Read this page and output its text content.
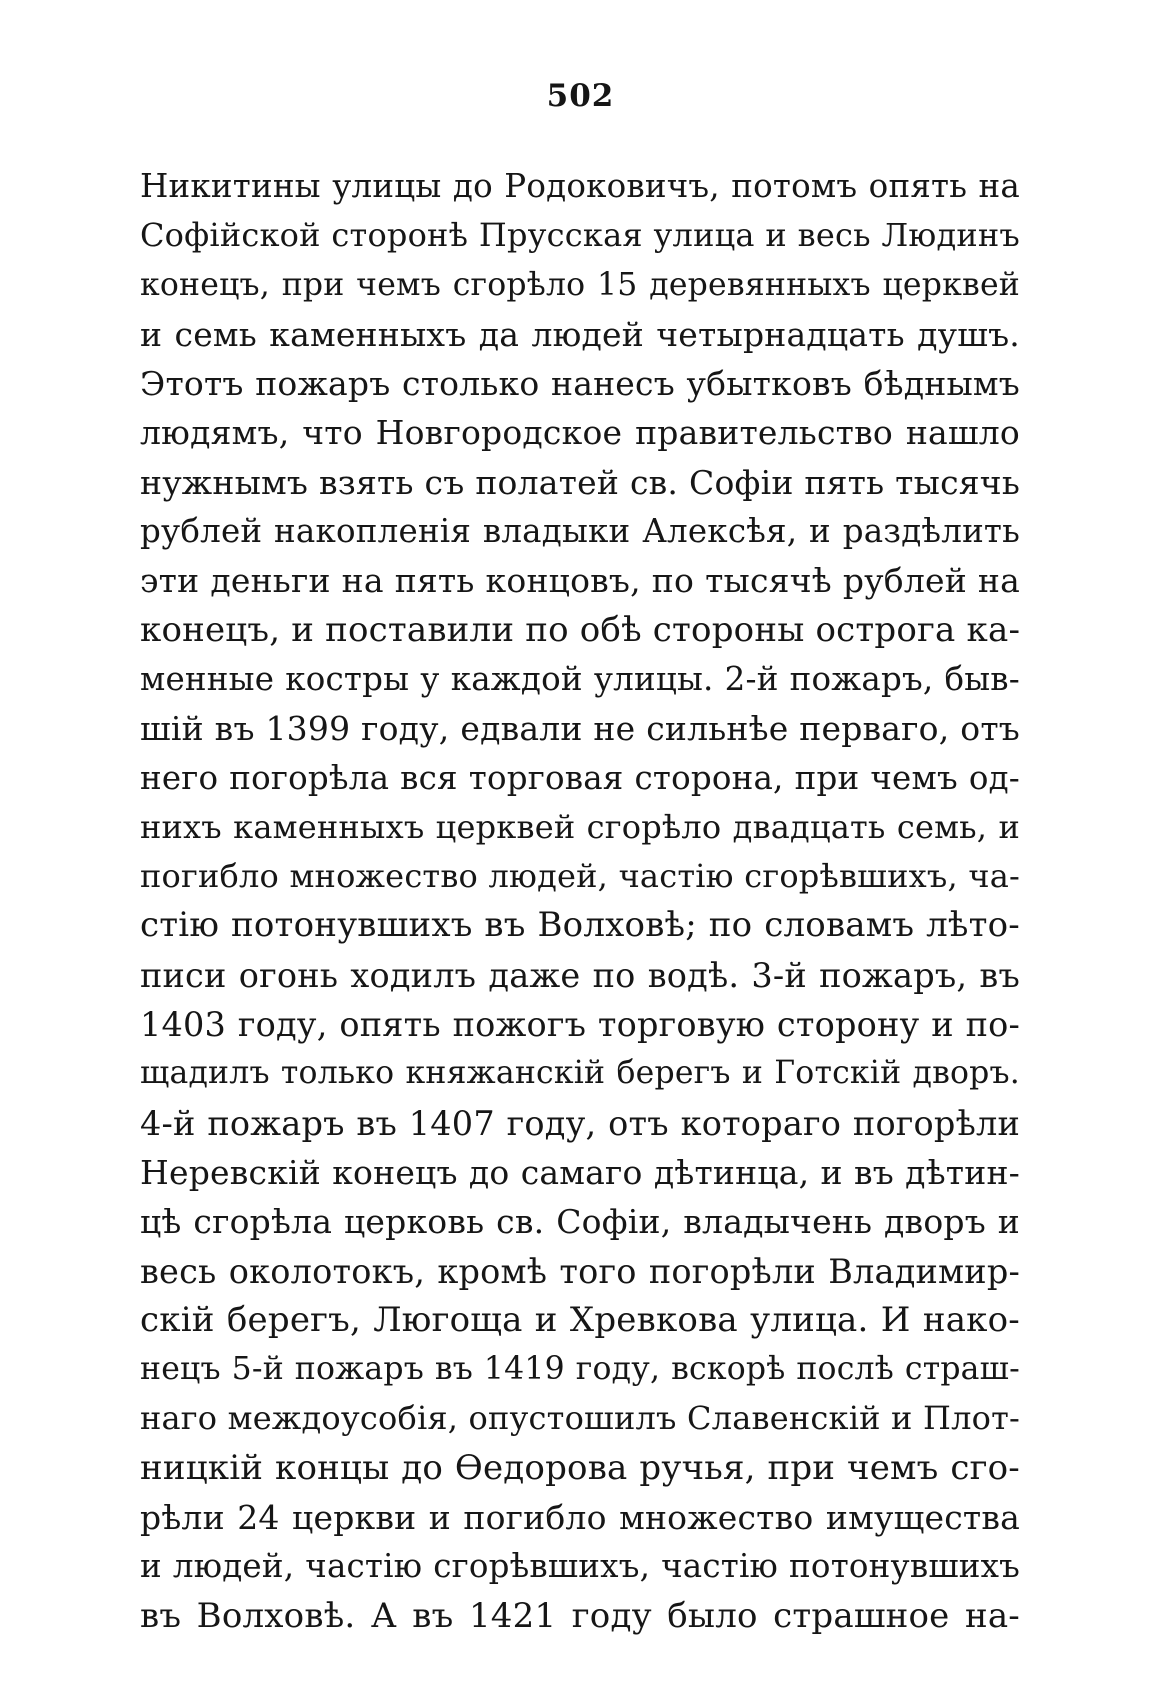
502
Никитины улицы до Родоковичъ, потомъ опять на
Софійской сторонѣ Прусская улица и весь Людинъ
конецъ, при чемъ сгорѣло 15 деревянныхъ церквей
и семь каменныхъ да людей четырнадцать душъ.
Этотъ пожаръ столько нанесъ убытковъ бѣднымъ
людямъ, что Новгородское правительство нашло
нужнымъ взять съ полатей св. Софіи пять тысячь
рублей накопленія владыки Алексѣя, и раздѣлить
эти деньги на пять концовъ, по тысячѣ рублей на
конецъ, и поставили по обѣ стороны острога ка-
менные костры у каждой улицы. 2-й пожаръ, быв-
шій въ 1399 году, едвали не сильнѣе перваго, отъ
него погорѣла вся торговая сторона, при чемъ од-
нихъ каменныхъ церквей сгорѣло двадцать семь, и
погибло множество людей, частію сгорѣвшихъ, ча-
стію потонувшихъ въ Волховѣ; по словамъ лѣто-
писи огонь ходилъ даже по водѣ. 3-й пожаръ, въ
1403 году, опять пожогъ торговую сторону и по-
щадилъ только княжанскій берегъ и Готскій дворъ.
4-й пожаръ въ 1407 году, отъ котораго погорѣли
Неревскій конецъ до самаго дѣтинца, и въ дѣтин-
цѣ сгорѣла церковь св. Софіи, владычень дворъ и
весь околотокъ, кромѣ того погорѣли Владимир-
скій берегъ, Люгоща и Хревкова улица. И нако-
нецъ 5-й пожаръ въ 1419 году, вскорѣ послѣ страш-
наго междоусобія, опустошилъ Славенскій и Плот-
ницкій концы до Ѳедорова ручья, при чемъ сго-
рѣли 24 церкви и погибло множество имущества
и людей, частію сгорѣвшихъ, частію потонувшихъ
въ Волховѣ. А въ 1421 году было страшное на-
